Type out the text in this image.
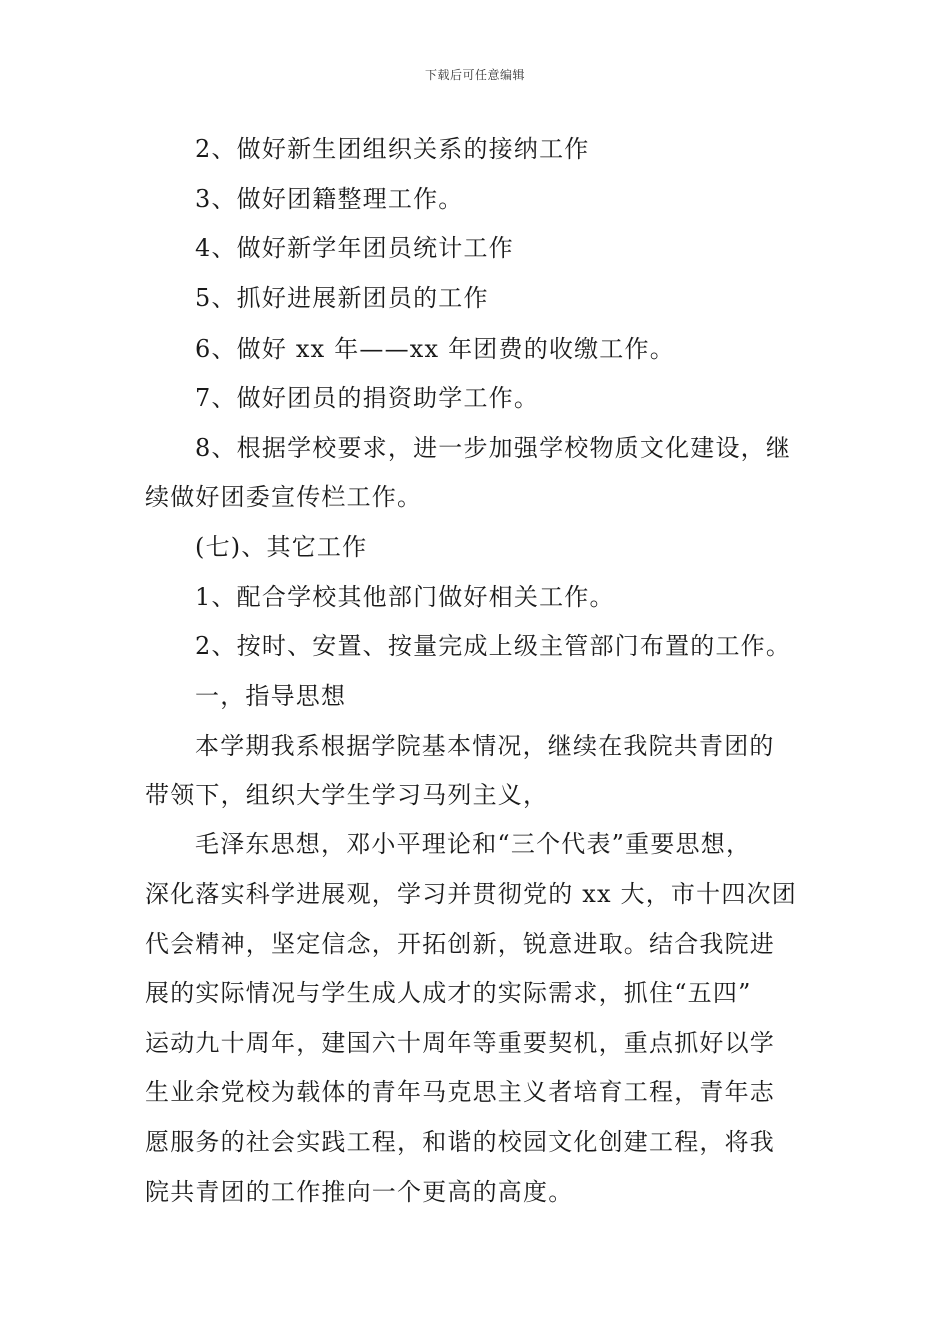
下载后可任意编辑
2、做好新生团组织关系的接纳工作
3、做好团籍整理工作。
4、做好新学年团员统计工作
5、抓好进展新团员的工作
6、做好 xx 年——xx 年团费的收缴工作。
7、做好团员的捐资助学工作。
8、根据学校要求，进一步加强学校物质文化建设，继
续做好团委宣传栏工作。
(七)、其它工作
1、配合学校其他部门做好相关工作。
2、按时、安置、按量完成上级主管部门布置的工作。
一，指导思想
本学期我系根据学院基本情况，继续在我院共青团的
带领下，组织大学生学习马列主义，
毛泽东思想，邓小平理论和“三个代表”重要思想，
深化落实科学进展观，学习并贯彻党的 xx 大，市十四次团
代会精神，坚定信念，开拓创新，锐意进取。结合我院进
展的实际情况与学生成人成才的实际需求，抓住“五四”
运动九十周年，建国六十周年等重要契机，重点抓好以学
生业余党校为载体的青年马克思主义者培育工程，青年志
愿服务的社会实践工程，和谐的校园文化创建工程，将我
院共青团的工作推向一个更高的高度。
